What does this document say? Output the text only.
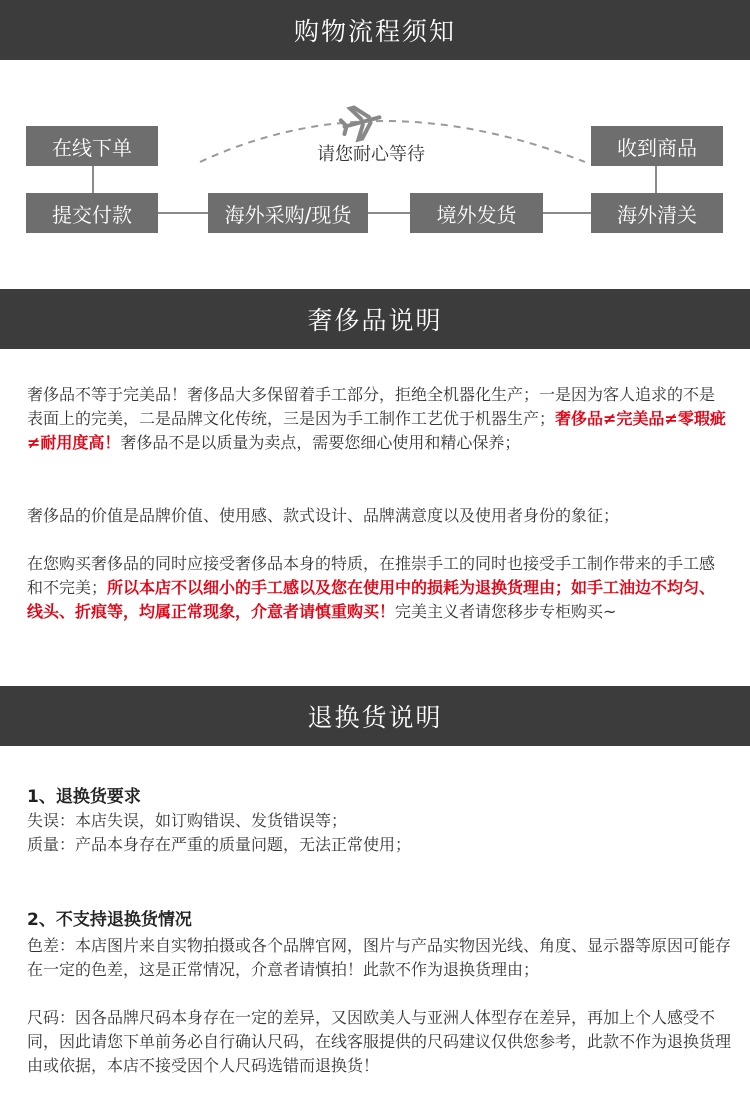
购物流程须知
在线下单
提交付款	海外采购/现货	境外发货	海外清关
收到商品
请您耐心等待
奢侈品说明

奢侈品不等于完美品！奢侈品大多保留着手工部分，拒绝全机器化生产；一是因为客人追求的不是表面上的完美，二是品牌文化传统，三是因为手工制作工艺优于机器生产；奢侈品≠完美品≠零瑕疵≠耐用度高！奢侈品不是以质量为卖点，需要您细心使用和精心保养；

奢侈品的价值是品牌价值、使用感、款式设计、品牌满意度以及使用者身份的象征；

在您购买奢侈品的同时应接受奢侈品本身的特质，在推崇手工的同时也接受手工制作带来的手工感和不完美；所以本店不以细小的手工感以及您在使用中的损耗为退换货理由；如手工油边不均匀、线头、折痕等，均属正常现象，介意者请慎重购买！完美主义者请您移步专柜购买~

退换货说明
1、退换货要求
失误：本店失误，如订购错误、发货错误等；
质量：产品本身存在严重的质量问题，无法正常使用；
2、不支持退换货情况
色差：本店图片来自实物拍摄或各个品牌官网，图片与产品实物因光线、角度、显示器等原因可能存在一定的色差，这是正常情况，介意者请慎拍！此款不作为退换货理由；
尺码：因各品牌尺码本身存在一定的差异，又因欧美人与亚洲人体型存在差异，再加上个人感受不同，因此请您下单前务必自行确认尺码，在线客服提供的尺码建议仅供您参考，此款不作为退换货理由或依据，本店不接受因个人尺码选错而退换货！
